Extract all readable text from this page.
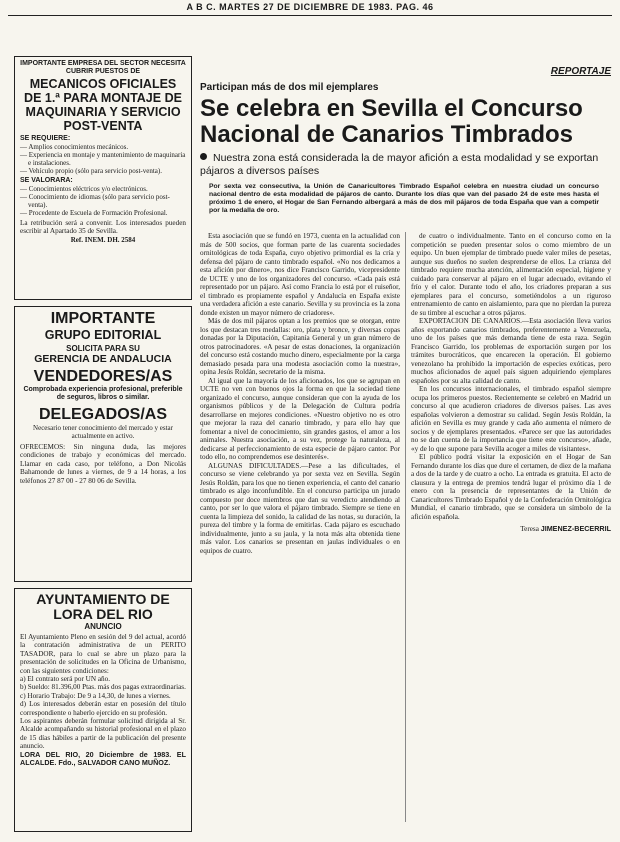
A B C. MARTES 27 DE DICIEMBRE DE 1983. PAG. 46
IMPORTANTE EMPRESA DEL SECTOR NECESITA CUBRIR PUESTOS DE
MECANICOS OFICIALES DE 1.ª PARA MONTAJE DE MAQUINARIA Y SERVICIO POST-VENTA
SE REQUIERE:
— Amplios conocimientos mecánicos.
— Experiencia en montaje y mantenimiento de maquinaria e instalaciones.
— Vehículo propio (sólo para servicio post-venta).
SE VALORARA:
— Conocimientos eléctricos y/o electrónicos.
— Conocimiento de idiomas (sólo para servicio post-venta).
— Procedente de Escuela de Formación Profesional.
La retribución será a convenir. Los interesados pueden escribir al Apartado 35 de Sevilla.
Ref. INEM. DH. 2584
IMPORTANTE
GRUPO EDITORIAL
SOLICITA PARA SU
GERENCIA DE ANDALUCIA
VENDEDORES/AS
Comprobada experiencia profesional, preferible de seguros, libros o similar.
DELEGADOS/AS
Necesario tener conocimiento del mercado y estar actualmente en activo.
OFRECEMOS: Sin ninguna duda, las mejores condiciones de trabajo y económicas del mercado. Llamar en cada caso, por teléfono, a Don Nicolás Bahamonde de lunes a viernes, de 9 a 14 horas, a los teléfonos 27 87 00 - 27 80 06 de Sevilla.
AYUNTAMIENTO DE LORA DEL RIO
ANUNCIO
El Ayuntamiento Pleno en sesión del 9 del actual, acordó la contratación administrativa de un PERITO TASADOR, para lo cual se abre un plazo para la presentación de solicitudes en la Oficina de Urbanismo, con las siguientes condiciones:
a) El contrato será por UN año.
b) Sueldo: 81.396,00 Ptas. más dos pagas extraordinarias.
c) Horario Trabajo: De 9 a 14,30, de lunes a viernes.
d) Los interesados deberán estar en posesión del título correspondiente o haberlo ejercido en su profesión.
Los aspirantes deberán formular solicitud dirigida al Sr. Alcalde acompañando su historial profesional en el plazo de 15 días hábiles a partir de la publicación del presente anuncio.
LORA DEL RIO, 20 Diciembre de 1983. EL ALCALDE. Fdo., SALVADOR CANO MUÑOZ.
REPORTAJE
Participan más de dos mil ejemplares
Se celebra en Sevilla el Concurso Nacional de Canarios Timbrados
Nuestra zona está considerada la de mayor afición a esta modalidad y se exportan pájaros a diversos países
Por sexta vez consecutiva, la Unión de Canaricultores Timbrado Español celebra en nuestra ciudad un concurso nacional dentro de esta modalidad de pájaros de canto. Durante los días que van del pasado 24 de este mes hasta el próximo 1 de enero, el Hogar de San Fernando albergará a más de dos mil pájaros de toda España que van a competir por la medalla de oro.

Esta asociación que se fundó en 1973, cuenta en la actualidad con más de 500 socios, que forman parte de las cuarenta sociedades ornitológicas de toda España, cuyo objetivo primordial es la cría y defensa del pájaro de canto timbrado español. «No nos dedicamos a esta afición por dinero», nos dice Francisco Garrido, vicepresidente de UCTE y uno de los organizadores del concurso. «Cada país está representado por un pájaro. Así como Francia lo está por el ruiseñor, el timbrado es propiamente español y Andalucía en España existe una verdadera afición a este canario. Sevilla y su provincia es la zona donde existen un mayor número de criadores».

Más de dos mil pájaros optan a los premios que se otorgan, entre los que destacan tres medallas: oro, plata y bronce, y diversas copas donadas por la Diputación, Capitanía General y un gran número de otros patrocinadores. «A pesar de estas donaciones, la organización del concurso está costando mucho dinero, especialmente por la carga demasiado pesada para una modesta asociación como la nuestra», opina Jesús Roldán, secretario de la misma.

Al igual que la mayoría de los aficionados, los que se agrupan en UCTE no ven con buenos ojos la forma en que la sociedad tiene organizado el concurso, aunque consideran que con la ayuda de los organismos públicos y de la Delegación de Cultura podría desarrollarse en mejores condiciones. «Nuestro objetivo no es otro que mejorar la raza del canario timbrado, y para ello hay que fomentar a nivel de conocimiento, sin grandes gastos, el amor a los animales. Nuestra asociación, a su vez, protege la naturaleza, al dedicarse al perfeccionamiento de esta especie de pájaro cantor. Por todo ello, no comprendemos ese desinterés».

ALGUNAS DIFICULTADES.—Pese a las dificultades, el concurso se viene celebrando ya por sexta vez en Sevilla. Según Jesús Roldán, para los que no tienen experiencia, el canto del canario timbrado es algo inconfundible. En el concurso participa un jurado compuesto por doce miembros que dan su veredicto atendiendo al canto, por ser lo que valora el pájaro timbrado. Siempre se tiene en cuenta la limpieza del sonido, la calidad de las notas, su duración, la pureza del timbre y la forma de emitirlas. Cada pájaro es escuchado individualmente, junto a su jaula, y la nota más alta obtenida tiene más valor. Los canarios se presentan en jaulas individuales o en equipos de cuatro.

de cuatro o individualmente. Tanto en el concurso como en la competición se pueden presentar solos o como miembro de un equipo. Un buen ejemplar de timbrado puede valer miles de pesetas, aunque sus dueños no suelen desprenderse de ellos. La crianza del timbrado requiere mucha atención, alimentación especial, higiene y cuidado para conservar al pájaro en el lugar adecuado, evitando el frío y el calor. Durante todo el año, los criadores preparan a sus ejemplares para el concurso, sometiéndolos a un riguroso entrenamiento de canto en aislamiento, para que no pierdan la pureza de su timbre al escuchar a otros pájaros.

EXPORTACION DE CANARIOS.—Esta asociación lleva varios años exportando canarios timbrados, preferentemente a Venezuela, uno de los países que más demanda tiene de esta raza. Según Francisco Garrido, los problemas de exportación surgen por los trámites burocráticos, que encarecen la operación. El gobierno venezolano ha prohibido la importación de especies exóticas, pero muchos aficionados de aquel país siguen adquiriendo ejemplares españoles por su alta calidad de canto.

En los concursos internacionales, el timbrado español siempre ocupa los primeros puestos. Recientemente se celebró en Madrid un concurso al que acudieron criadores de diversos países. Las aves españolas volvieron a demostrar su calidad. Según Jesús Roldán, la afición en Sevilla es muy grande y cada año aumenta el número de socios y de ejemplares presentados. «Parece ser que las autoridades no se dan cuenta de la importancia que tiene este concurso», añade, «y de lo que supone para Sevilla acoger a miles de visitantes».

El público podrá visitar la exposición en el Hogar de San Fernando durante los días que dure el certamen, de diez de la mañana a dos de la tarde y de cuatro a ocho. La entrada es gratuita. El acto de clausura y la entrega de premios tendrá lugar el próximo día 1 de enero con la presencia de representantes de la Unión de Canaricultores Timbrado Español y de la Confederación Ornitológica Mundial, el canario timbrado, que se considera un símbolo de la afición española.

Teresa JIMENEZ-BECERRIL
